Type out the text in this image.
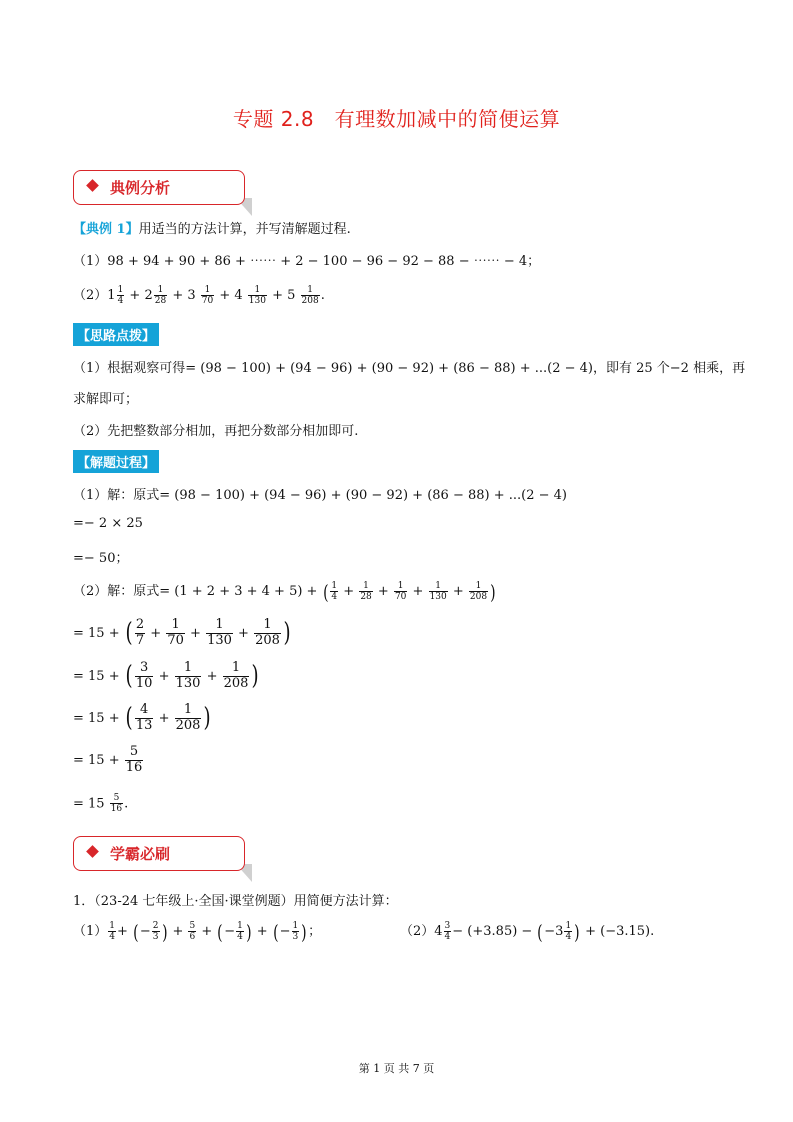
专题 2.8　有理数加减中的简便运算
典例分析
【典例 1】用适当的方法计算，并写清解题过程.
（1）98 + 94 + 90 + 86 + ⋯⋯ + 2 − 100 − 96 − 92 − 88 − ⋯⋯ − 4；
$(2)1 \frac{1}{4} + 2 \frac{1}{28} + 3 \frac{1}{70} + 4 \frac{1}{130} + 5 \frac{1}{208}$ .
【思路点拨】
（1）根据观察可得= (98 − 100) + (94 − 96) + (90 − 92) + (86 − 88) + ...(2 − 4)，即有 25 个−2 相乘，再
求解即可；
（2）先把整数部分相加，再把分数部分相加即可.
【解题过程】
（1）解：原式= (98 − 100) + (94 − 96) + (90 − 92) + (86 − 88) + ...(2 − 4)
=− 2 × 25
=− 50；
（2）解：原式= (1 + 2 + 3 + 4 + 5) + ( $\frac{1}{4} + \frac{1}{28} + \frac{1}{70} + \frac{1}{130} + \frac{1}{208}$ )
= 15 + ( $\frac{2}{7} + \frac{1}{70} + \frac{1}{130} + \frac{1}{208}$ )
= 15 + ( $\frac{3}{10} + \frac{1}{130} + \frac{1}{208}$ )
= 15 + ( $\frac{4}{13} + \frac{1}{208}$ )
= $15 + \frac{5}{16}$
= $15 \frac{5}{16}$ .
学霸必刷
1．（23-24 七年级上·全国·课堂例题）用简便方法计算：
$(1) \frac{1}{4}$ + (− $\frac{2}{3}$ ) + $\frac{5}{6}$ + (− $\frac{1}{4}$ ) + (− $\frac{1}{3}$ )；	$(2)4 \frac{3}{4} - (+3.85) - (-3 \frac{1}{4}$ ) + (−3.15).
第 1 页 共 7 页
